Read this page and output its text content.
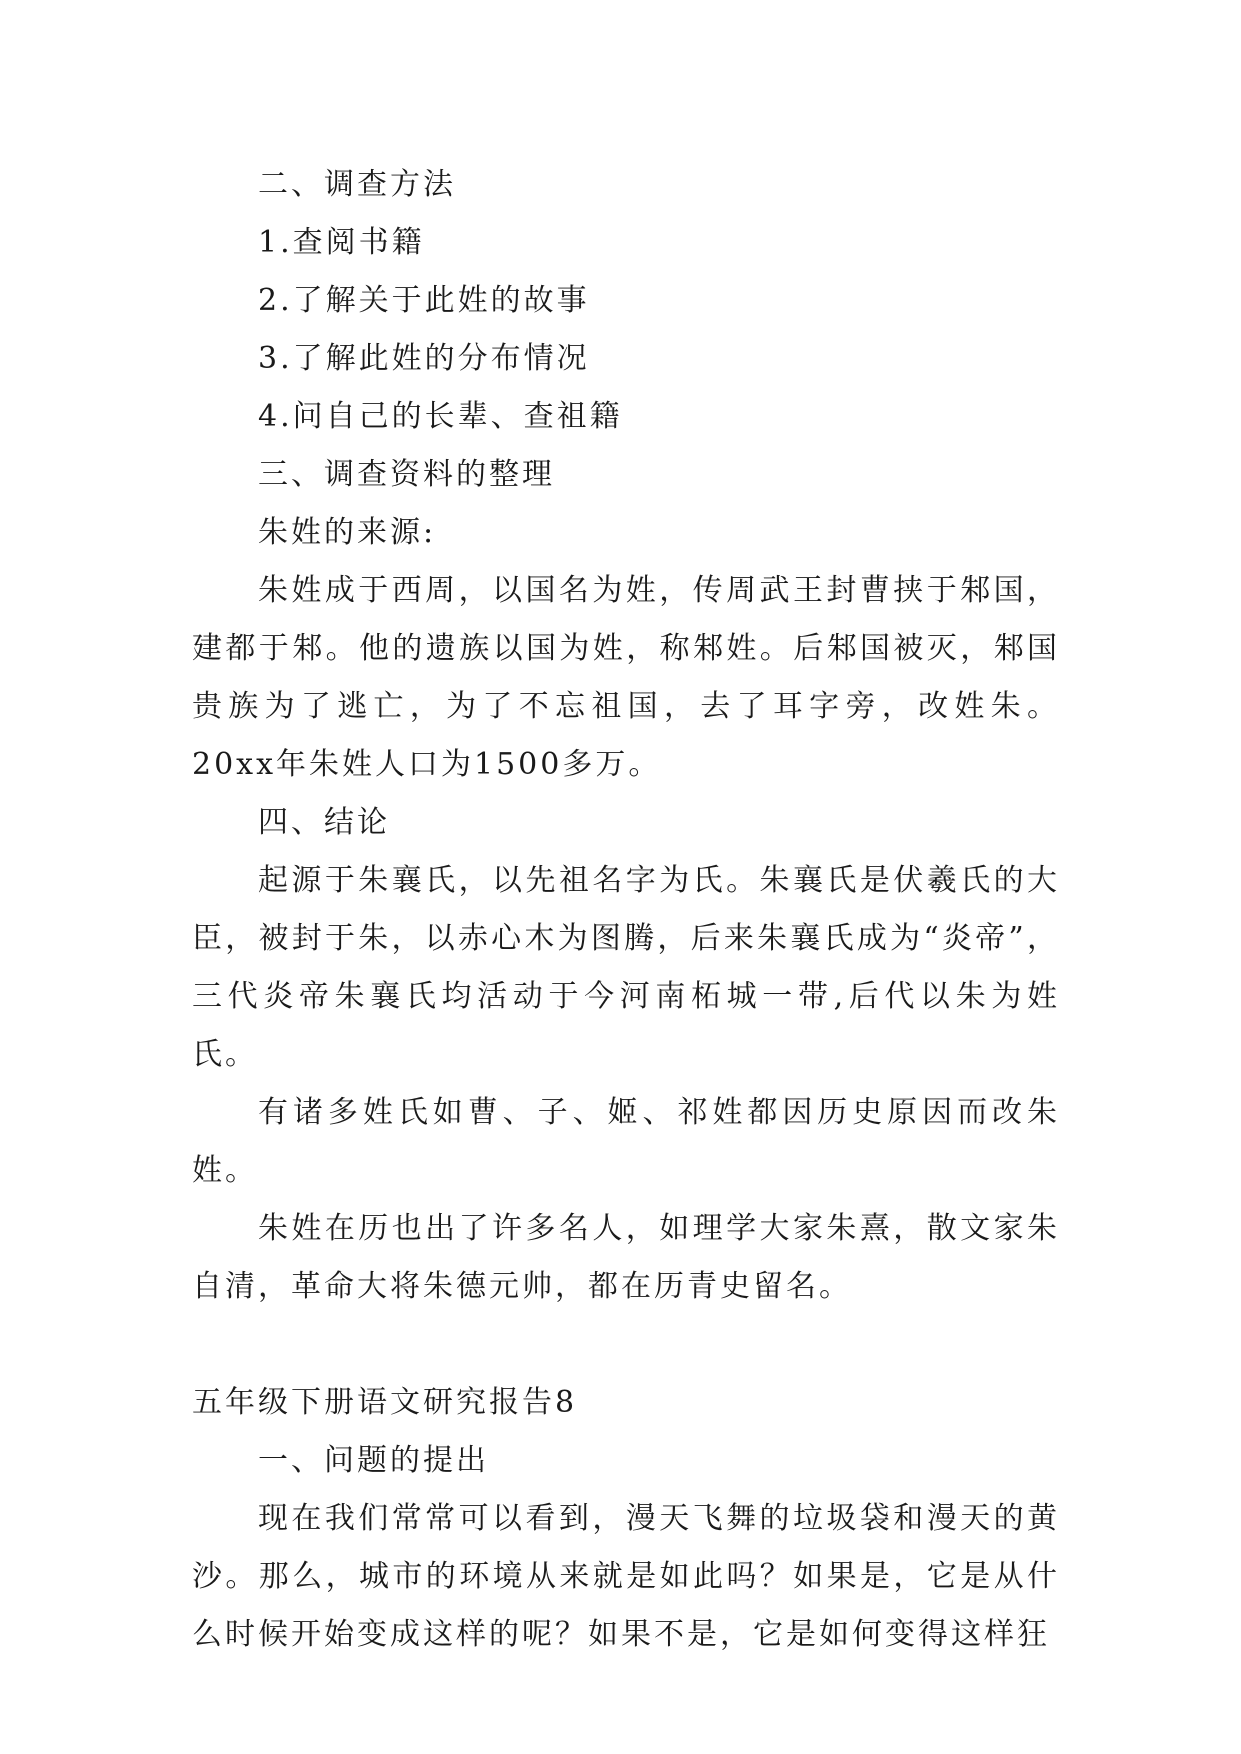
二、调查方法

1.查阅书籍

2.了解关于此姓的故事

3.了解此姓的分布情况

4.问自己的长辈、查祖籍

三、调查资料的整理

朱姓的来源:

朱姓成于西周，以国名为姓，传周武王封曹挟于邾国，建都于邾。他的遗族以国为姓，称邾姓。后邾国被灭，邾国贵族为了逃亡，为了不忘祖国，去了耳字旁，改姓朱。20xx年朱姓人口为1500多万。

四、结论

起源于朱襄氏，以先祖名字为氏。朱襄氏是伏羲氏的大臣，被封于朱，以赤心木为图腾，后来朱襄氏成为“炎帝”，三代炎帝朱襄氏均活动于今河南柘城一带,后代以朱为姓氏。

有诸多姓氏如曹、子、姬、祁姓都因历史原因而改朱姓。

朱姓在历也出了许多名人，如理学大家朱熹，散文家朱自清，革命大将朱德元帅，都在历青史留名。

五年级下册语文研究报告8

一、问题的提出

现在我们常常可以看到，漫天飞舞的垃圾袋和漫天的黄沙。那么，城市的环境从来就是如此吗？如果是，它是从什么时候开始变成这样的呢？如果不是，它是如何变得这样狂
